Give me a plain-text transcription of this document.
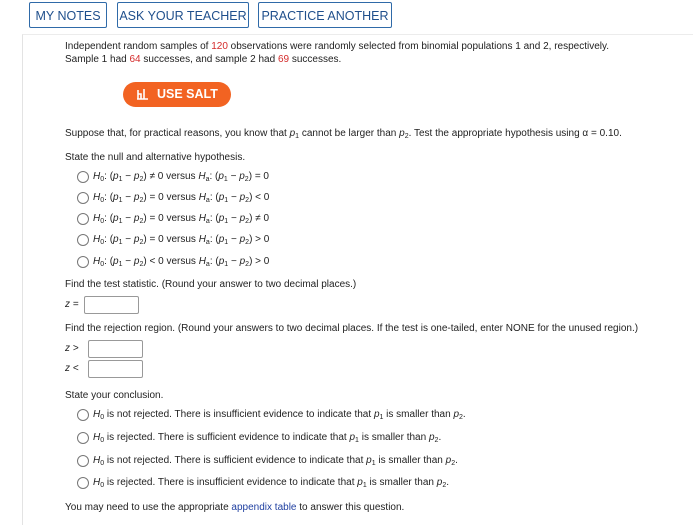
MY NOTES	ASK YOUR TEACHER PRACTICE ANOTHER
Independent random samples of 120 observations were randomly selected from binomial populations 1 and 2, respectively.
Sample 1 had 64 successes, and sample 2 had 69 successes.
USE SALT
Suppose that, for practical reasons, you know that $p_1$ cannot be larger than $p_2$. Test the appropriate hypothesis using α = 0.10.
State the null and alternative hypothesis.
$H_0$: $(p_1 - p_2) \ne 0$ versus $H_a$: $(p_1 - p_2) = 0$
$H_0$: $(p_1 - p_2) = 0$ versus $H_a$: $(p_1 - p_2) < 0$
$H_0$: $(p_1 - p_2) = 0$ versus $H_a$: $(p_1 - p_2) \ne 0$
$H_0$: $(p_1 - p_2) = 0$ versus $H_a$: $(p_1 - p_2) > 0$
$H_0$: $(p_1 - p_2) < 0$ versus $H_a$: $(p_1 - p_2) > 0$
Find the test statistic. (Round your answer to two decimal places.)
z =
Find the rejection region. (Round your answers to two decimal places. If the test is one-tailed, enter NONE for the unused region.)
z >
z <
State your conclusion.
$H_0$ is not rejected. There is insufficient evidence to indicate that $p_1$ is smaller than $p_2$.
$H_0$ is rejected. There is sufficient evidence to indicate that $p_1$ is smaller than $p_2$.
$H_0$ is not rejected. There is sufficient evidence to indicate that $p_1$ is smaller than $p_2$.
$H_0$ is rejected. There is insufficient evidence to indicate that $p_1$ is smaller than $p_2$.
You may need to use the appropriate appendix table to answer this question.
